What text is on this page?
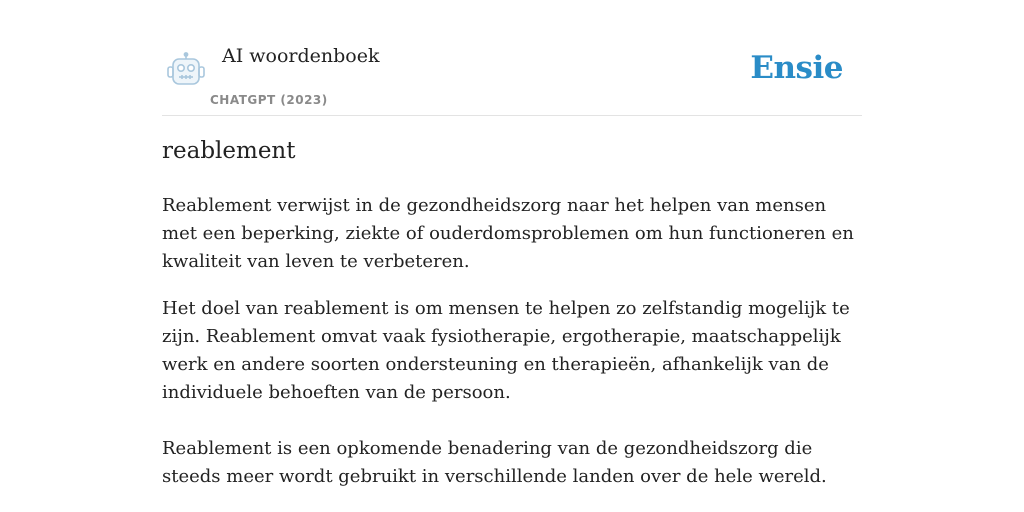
AI woordenboek
CHATGPT (2023)
Ensie
reablement

Reablement verwijst in de gezondheidszorg naar het helpen van mensen met een beperking, ziekte of ouderdomsproblemen om hun functioneren en kwaliteit van leven te verbeteren.

Het doel van reablement is om mensen te helpen zo zelfstandig mogelijk te zijn. Reablement omvat vaak fysiotherapie, ergotherapie, maatschappelijk werk en andere soorten ondersteuning en therapieën, afhankelijk van de individuele behoeften van de persoon.

Reablement is een opkomende benadering van de gezondheidszorg die steeds meer wordt gebruikt in verschillende landen over de hele wereld.
